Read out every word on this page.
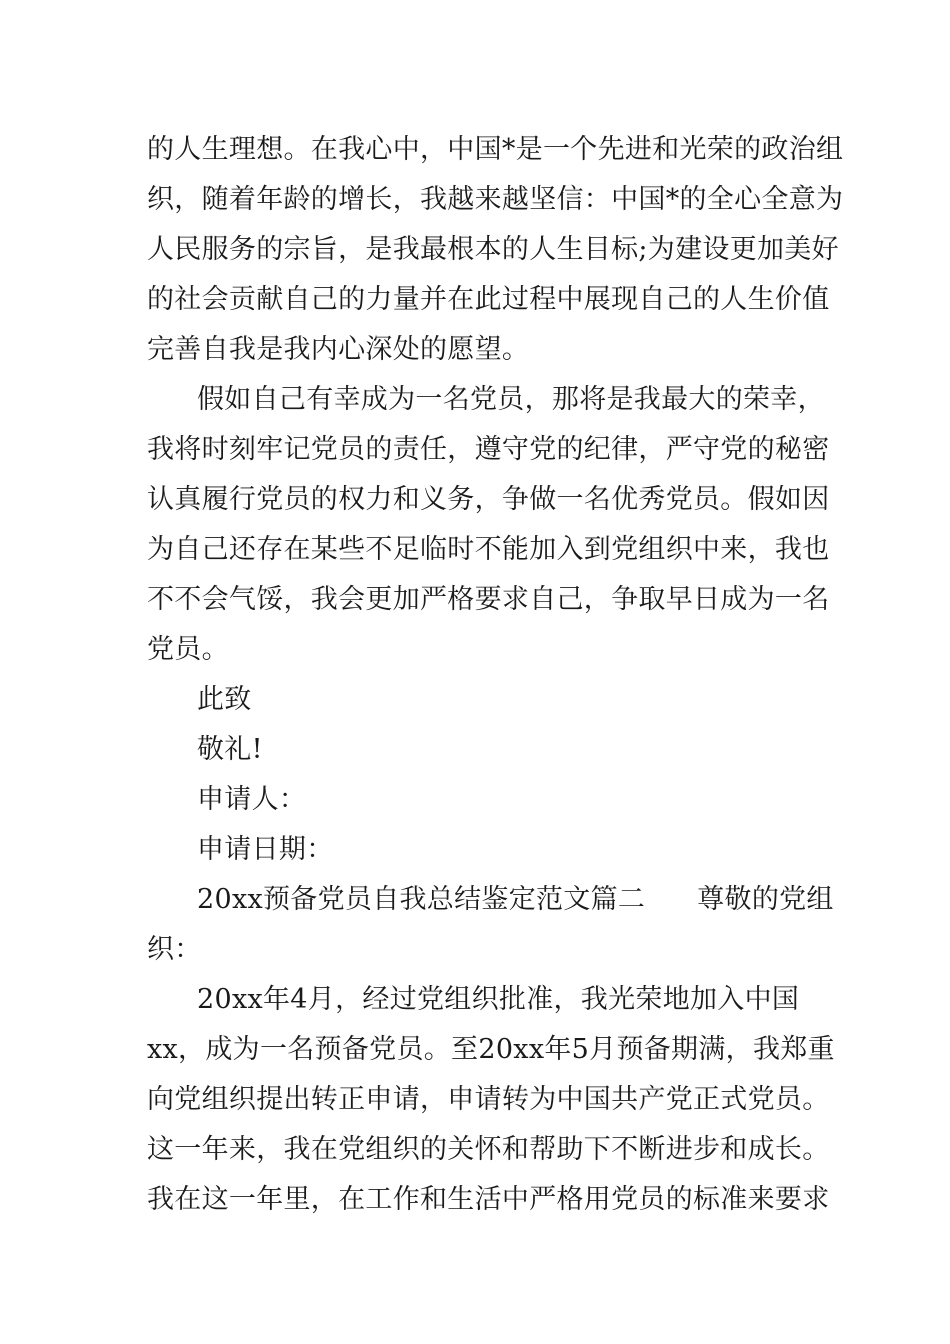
的人生理想。在我心中，中国*是一个先进和光荣的政治组
织，随着年龄的增长，我越来越坚信：中国*的全心全意为
人民服务的宗旨，是我最根本的人生目标;为建设更加美好
的社会贡献自己的力量并在此过程中展现自己的人生价值
完善自我是我内心深处的愿望。
假如自己有幸成为一名党员，那将是我最大的荣幸，
我将时刻牢记党员的责任，遵守党的纪律，严守党的秘密
认真履行党员的权力和义务，争做一名优秀党员。假如因
为自己还存在某些不足临时不能加入到党组织中来，我也
不不会气馁，我会更加严格要求自己，争取早日成为一名
党员。
此致
敬礼!
申请人：
申请日期：
20xx预备党员自我总结鉴定范文篇二 尊敬的党组
织：
20xx年4月，经过党组织批准，我光荣地加入中国
xx，成为一名预备党员。至20xx年5月预备期满，我郑重
向党组织提出转正申请，申请转为中国共产党正式党员。
这一年来，我在党组织的关怀和帮助下不断进步和成长。
我在这一年里，在工作和生活中严格用党员的标准来要求
